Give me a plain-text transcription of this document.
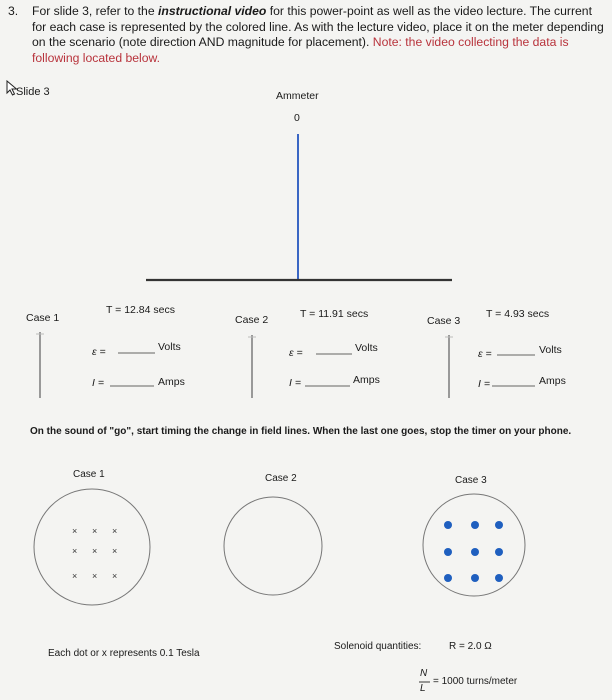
3. For slide 3, refer to the instructional video for this power-point as well as the video lecture. The current for each case is represented by the colored line. As with the lecture video, place it on the meter depending on the scenario (note direction AND magnitude for placement). Note: the video collecting the data is following located below.
Slide 3	Ammeter
0
Case 1
T = 12.84 secs
ε =	Volts
I =	Amps
Case 2	T = 11.91 secs
ε =	Volts
I =	Amps
Case 3
T = 4.93 secs
ε =	Volts
I =	Amps
On the sound of "go", start timing the change in field lines. When the last one goes, stop the timer on your phone.
Case 1	Case 2	Case 3
× × ×
× × ×
× × ×
Each dot or x represents 0.1 Tesla
Solenoid quantities:	R = 2.0 Ω
N
L
= 1000 turns/meter
